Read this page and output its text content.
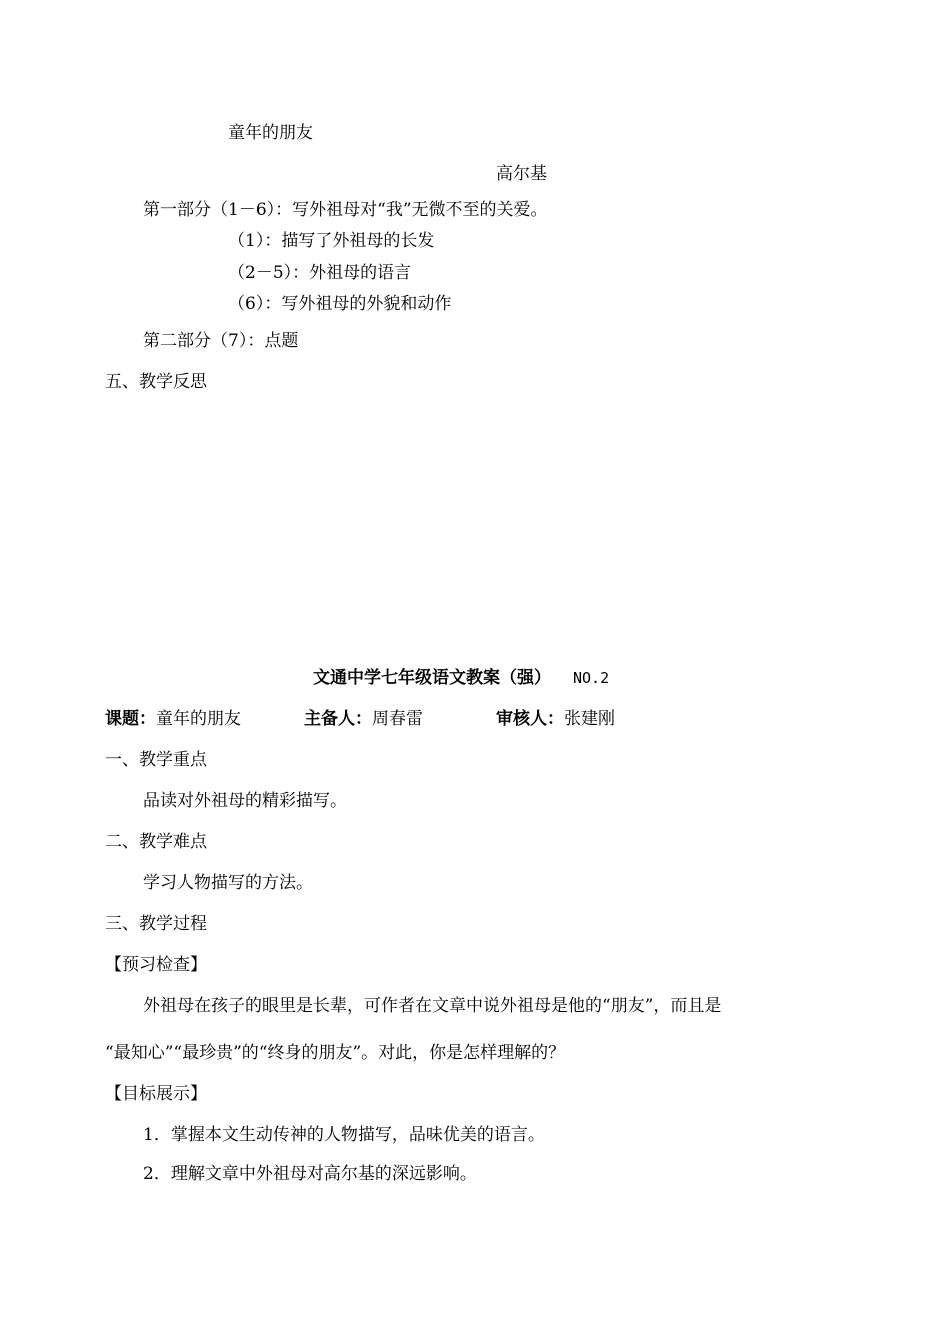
童年的朋友
高尔基
第一部分（1－6）：写外祖母对“我”无微不至的关爱。
（1）：描写了外祖母的长发
（2－5）：外祖母的语言
（6）：写外祖母的外貌和动作
第二部分（7）：点题
五、教学反思
文通中学七年级语文教案（强） NO.2
课题：童年的朋友	主备人：周春雷	审核人：张建刚
一、教学重点
品读对外祖母的精彩描写。
二、教学难点
学习人物描写的方法。
三、教学过程
【预习检查】
外祖母在孩子的眼里是长辈，可作者在文章中说外祖母是他的“朋友”，而且是
“最知心”“最珍贵”的“终身的朋友”。对此，你是怎样理解的？
【目标展示】
1．掌握本文生动传神的人物描写，品味优美的语言。
2．理解文章中外祖母对高尔基的深远影响。
